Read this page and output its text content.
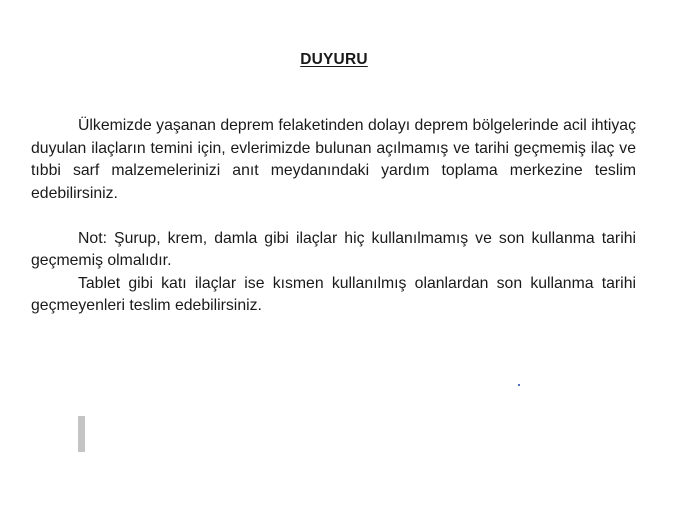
DUYURU

Ülkemizde yaşanan deprem felaketinden dolayı deprem bölgelerinde acil ihtiyaç duyulan ilaçların temini için, evlerimizde bulunan açılmamış ve tarihi geçmemiş ilaç ve tıbbi sarf malzemelerinizi anıt meydanındaki yardım toplama merkezine teslim edebilirsiniz.

Not: Şurup, krem, damla gibi ilaçlar hiç kullanılmamış ve son kullanma tarihi geçmemiş olmalıdır.

Tablet gibi katı ilaçlar ise kısmen kullanılmış olanlardan son kullanma tarihi geçmeyenleri teslim edebilirsiniz.
